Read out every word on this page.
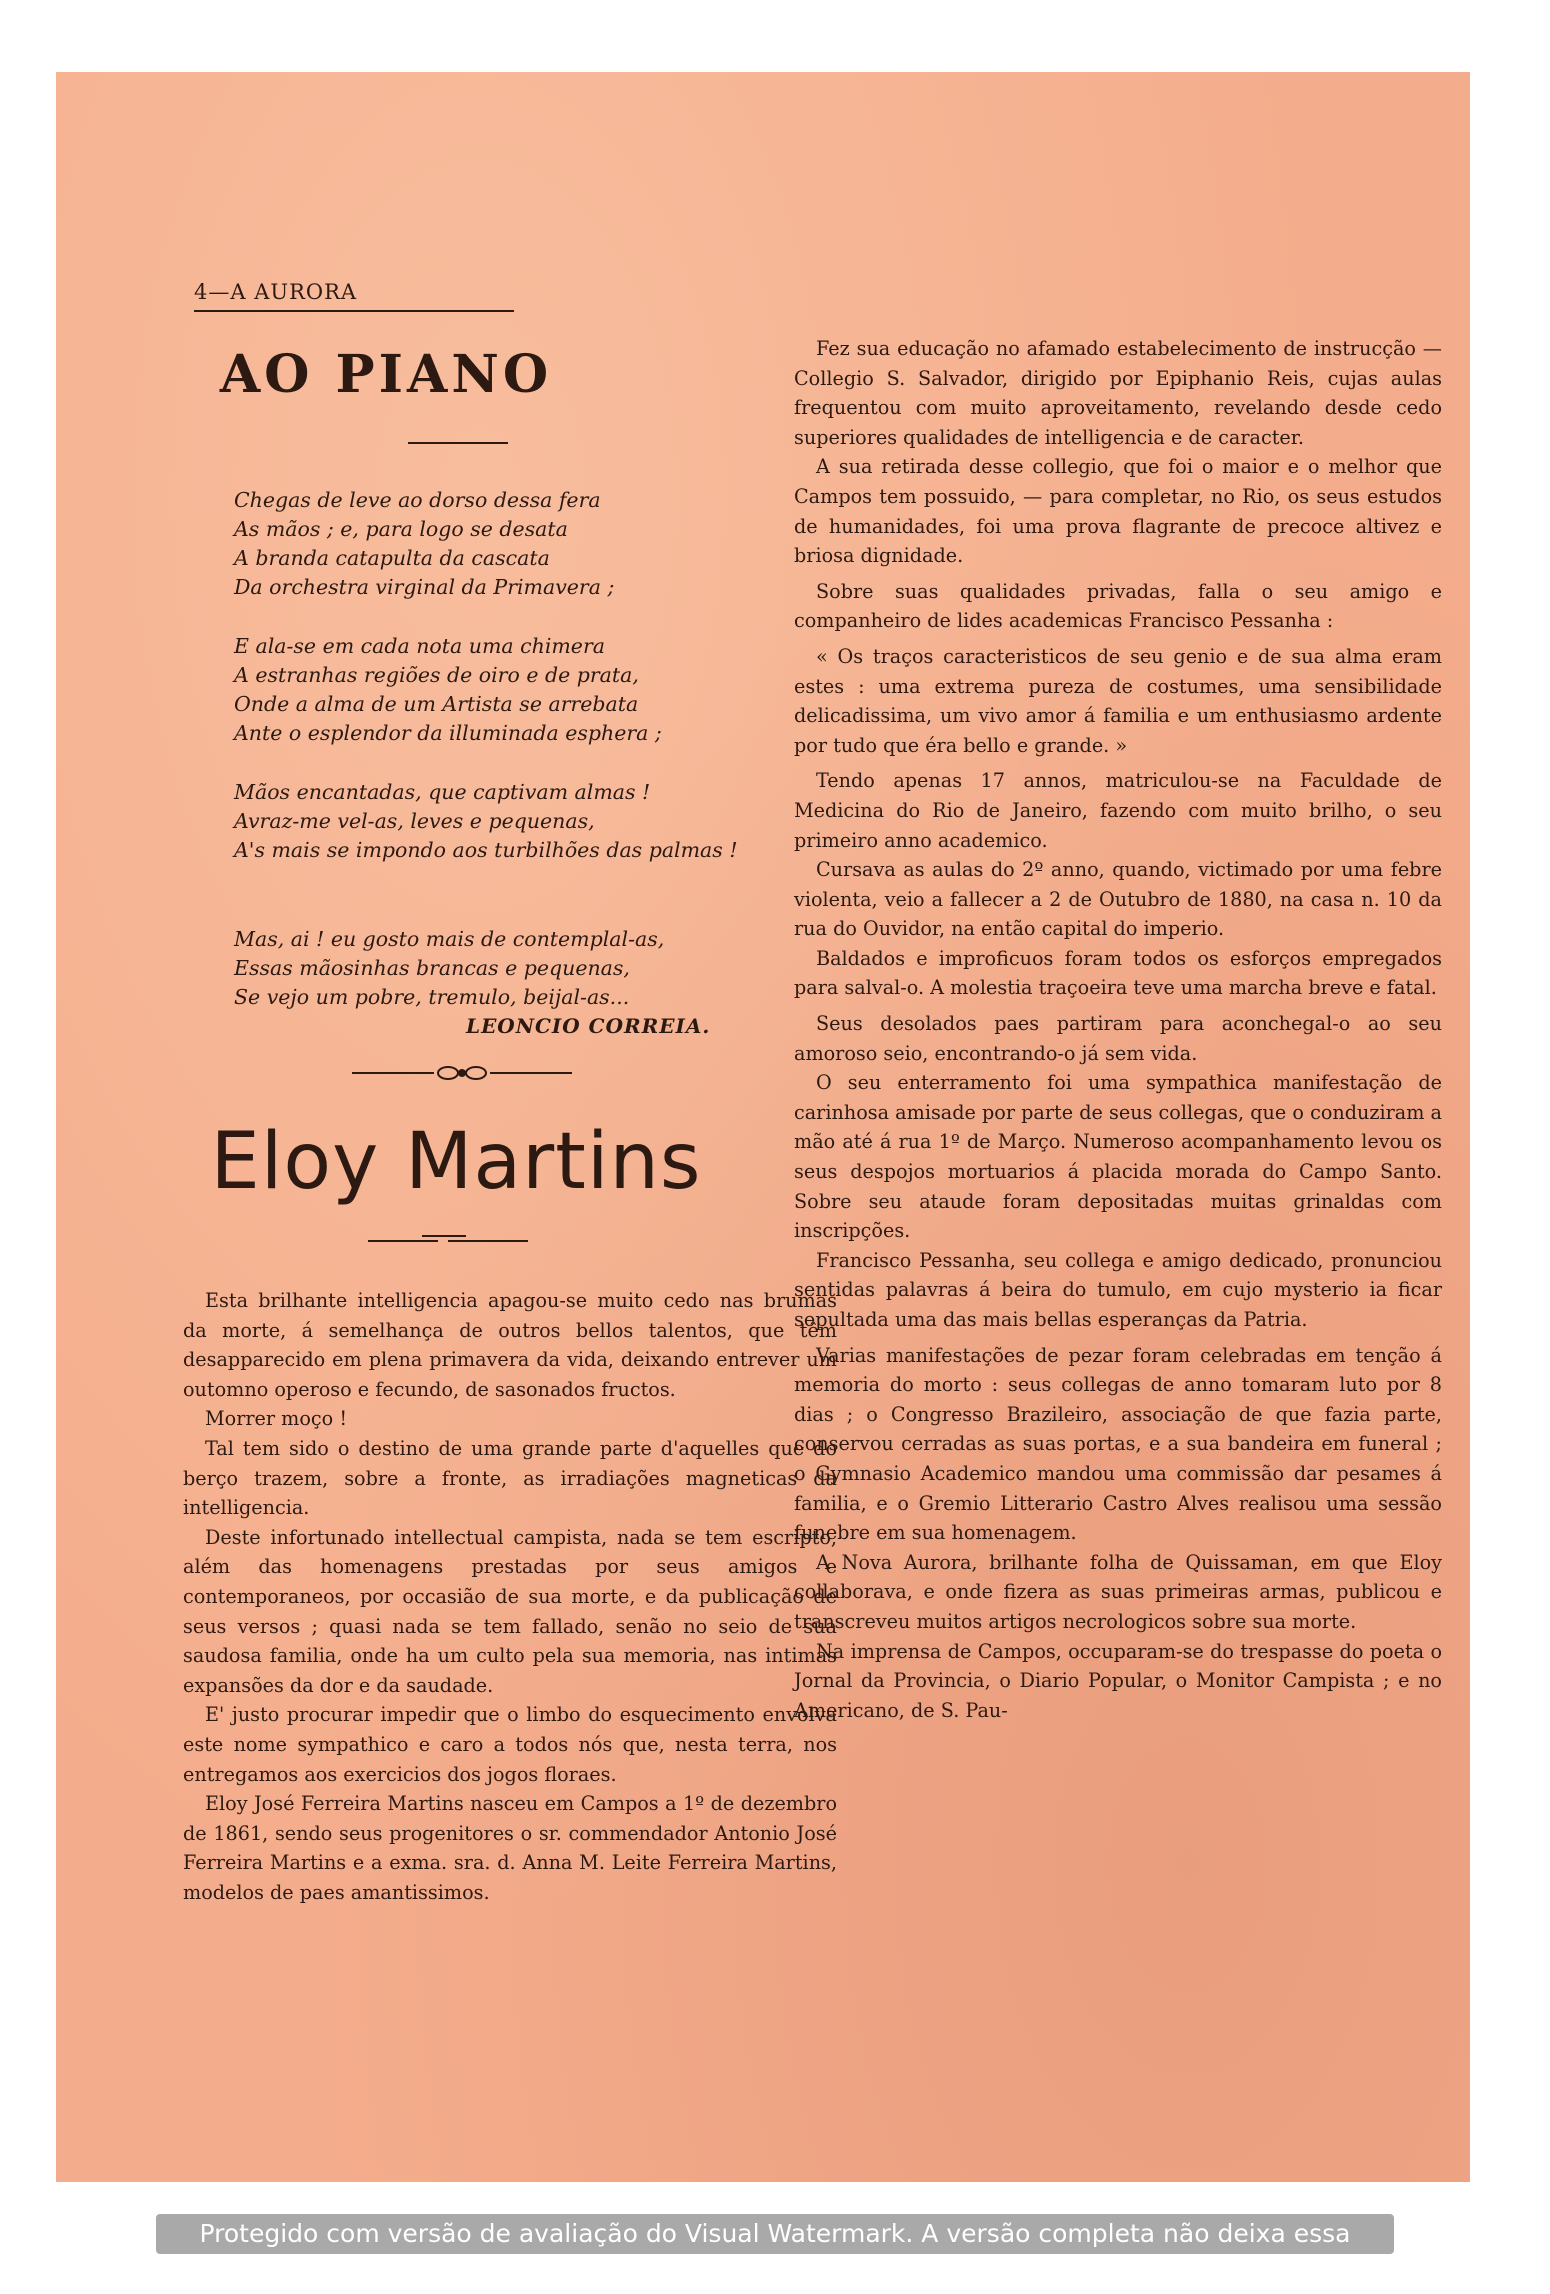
4—A AURORA
AO PIANO
Chegas de leve ao dorso dessa fera
As mãos ; e, para logo se desata
A branda catapulta da cascata
Da orchestra virginal da Primavera ;
E ala-se em cada nota uma chimera
A estranhas regiões de oiro e de prata,
Onde a alma de um Artista se arrebata
Ante o esplendor da illuminada esphera ;
Mãos encantadas, que captivam almas !
Avraz-me vel-as, leves e pequenas,
A's mais se impondo aos turbilhões das palmas !
Mas, ai ! eu gosto mais de contemplal-as,
Essas mãosinhas brancas e pequenas,
Se vejo um pobre, tremulo, beijal-as...
LEONCIO CORREIA.
Eloy Martins

Esta brilhante intelligencia apagou-se muito cedo nas brumas da morte, á semelhança de outros bellos talentos, que têm desapparecido em plena primavera da vida, deixando entrever um outomno operoso e fecundo, de sasonados fructos.

Morrer moço !

Tal tem sido o destino de uma grande parte d'aquelles que do berço trazem, sobre a fronte, as irradiações magneticas da intelligencia.

Deste infortunado intellectual campista, nada se tem escripto, além das homenagens prestadas por seus amigos e contemporaneos, por occasião de sua morte, e da publicação de seus versos ; quasi nada se tem fallado, senão no seio de sua saudosa familia, onde ha um culto pela sua memoria, nas intimas expansões da dor e da saudade.

E' justo procurar impedir que o limbo do esquecimento envolva este nome sympathico e caro a todos nós que, nesta terra, nos entregamos aos exercicios dos jogos floraes.

Eloy José Ferreira Martins nasceu em Campos a 1º de dezembro de 1861, sendo seus progenitores o sr. commendador Antonio José Ferreira Martins e a exma. sra. d. Anna M. Leite Ferreira Martins, modelos de paes amantissimos.

Fez sua educação no afamado estabelecimento de instrucção — Collegio S. Salvador, dirigido por Epiphanio Reis, cujas aulas frequentou com muito aproveitamento, revelando desde cedo superiores qualidades de intelligencia e de caracter.

A sua retirada desse collegio, que foi o maior e o melhor que Campos tem possuido, — para completar, no Rio, os seus estudos de humanidades, foi uma prova flagrante de precoce altivez e briosa dignidade.

Sobre suas qualidades privadas, falla o seu amigo e companheiro de lides academicas Francisco Pessanha :

« Os traços caracteristicos de seu genio e de sua alma eram estes : uma extrema pureza de costumes, uma sensibilidade delicadissima, um vivo amor á familia e um enthusiasmo ardente por tudo que éra bello e grande. »

Tendo apenas 17 annos, matriculou-se na Faculdade de Medicina do Rio de Janeiro, fazendo com muito brilho, o seu primeiro anno academico.

Cursava as aulas do 2º anno, quando, victimado por uma febre violenta, veio a fallecer a 2 de Outubro de 1880, na casa n. 10 da rua do Ouvidor, na então capital do imperio.

Baldados e improficuos foram todos os esforços empregados para salval-o. A molestia traçoeira teve uma marcha breve e fatal.

Seus desolados paes partiram para aconchegal-o ao seu amoroso seio, encontrando-o já sem vida.

O seu enterramento foi uma sympathica manifestação de carinhosa amisade por parte de seus collegas, que o conduziram a mão até á rua 1º de Março. Numeroso acompanhamento levou os seus despojos mortuarios á placida morada do Campo Santo. Sobre seu ataude foram depositadas muitas grinaldas com inscripções.

Francisco Pessanha, seu collega e amigo dedicado, pronunciou sentidas palavras á beira do tumulo, em cujo mysterio ia ficar sepultada uma das mais bellas esperanças da Patria.

Varias manifestações de pezar foram celebradas em tenção á memoria do morto : seus collegas de anno tomaram luto por 8 dias ; o Congresso Brazileiro, associação de que fazia parte, conservou cerradas as suas portas, e a sua bandeira em funeral ; o Gymnasio Academico mandou uma commissão dar pesames á familia, e o Gremio Litterario Castro Alves realisou uma sessão funebre em sua homenagem.

A Nova Aurora, brilhante folha de Quissaman, em que Eloy collaborava, e onde fizera as suas primeiras armas, publicou e transcreveu muitos artigos necrologicos sobre sua morte.

Na imprensa de Campos, occuparam-se do trespasse do poeta o Jornal da Provincia, o Diario Popular, o Monitor Campista ; e no Americano, de S. Pau-

Protegido com versão de avaliação do Visual Watermark. A versão completa não deixa essa marca.
